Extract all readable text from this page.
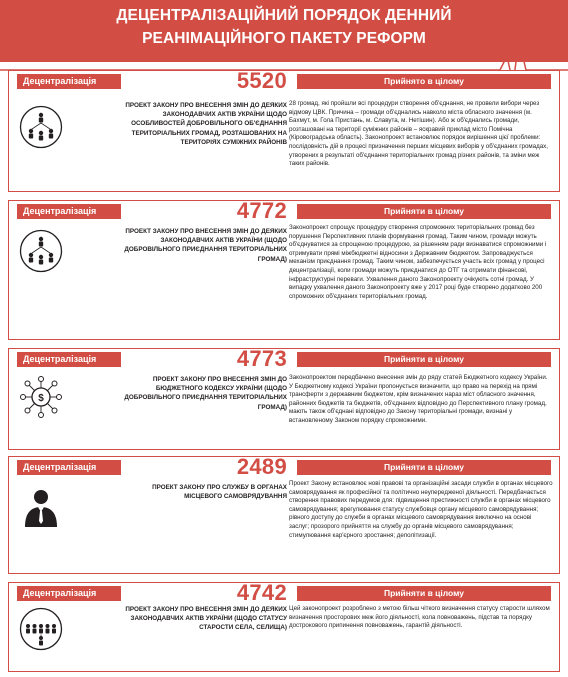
ДЕЦЕНТРАЛІЗАЦІЙНИЙ ПОРЯДОК ДЕННИЙ
РЕАНІМАЦІЙНОГО ПАКЕТУ РЕФОРМ
Децентралізація	5520	Прийнято в цілому
ПРОЕКТ ЗАКОНУ ПРО ВНЕСЕННЯ ЗМІН ДО ДЕЯКИХ ЗАКОНОДАВЧИХ АКТІВ УКРАЇНИ ЩОДО ОСОБЛИВОСТЕЙ ДОБРОВІЛЬНОГО ОБ'ЄДНАННЯ ТЕРИТОРІАЛЬНИХ ГРОМАД, РОЗТАШОВАНИХ НА ТЕРИТОРІЯХ СУМІЖНИХ РАЙОНІВ
28 громад, які пройшли всі процедури створення об'єднання, не провели вибори через відмову ЦВК. Причина – громади об'єднались навколо міста обласного значення (м. Бахмут, м. Гола Пристань, м. Славута, м. Нетішин). Або ж об'єднались громади, розташовані на території суміжних районів – яскравий приклад місто Помічна (Кіровоградська область). Законопроект встановлює порядок вирішення цієї проблеми: послідовність дій в процесі призначення перших місцевих виборів у об'єднаних громадах, утворених в результаті об'єднання територіальних громад різних районів, та зміни меж таких районів.
Децентралізація	4772	Прийняти в цілому
ПРОЕКТ ЗАКОНУ ПРО ВНЕСЕННЯ ЗМІН ДО ДЕЯКИХ ЗАКОНОДАВЧИХ АКТІВ УКРАЇНИ (ЩОДО ДОБРОВІЛЬНОГО ПРИЄДНАННЯ ТЕРИТОРІАЛЬНИХ ГРОМАД)
Законопроект спрощує процедуру створення спроможних територіальних громад без порушення Перспективних планів формування громад. Таким чином, громади можуть об'єднуватися за спрощеною процедурою, за рішенням ради визнаватися спроможними і отримувати прямі міжбюджетні відносини з Державним бюджетом. Запроваджується механізм приєднання громад. Таким чином, забезпечується участь всіх громад у процесі децентралізації, коли громади можуть приєднатися до ОТГ та отримати фінансові, інфраструктурні переваги. Ухвалення даного Законопроекту очікують сотні громад. У випадку ухвалення даного Законопроекту вже у 2017 році буде створено додатково 200 спроможних об'єднаних територіальних громад.
Децентралізація	4773	Прийняти в цілому
$
ПРОЕКТ ЗАКОНУ ПРО ВНЕСЕННЯ ЗМІН ДО БЮДЖЕТНОГО КОДЕКСУ УКРАЇНИ (ЩОДО ДОБРОВІЛЬНОГО ПРИЄДНАННЯ ТЕРИТОРІАЛЬНИХ ГРОМАД)
Законопроектом передбачено внесення змін до ряду статей Бюджетного кодексу України. У Бюджетному кодексі України пропонується визначити, що право на перехід на прямі трансферти з державним бюджетом, крім визначених нараз міст обласного значення, районних бюджетів та бюджетів, об'єднаних відповідно до Перспективного плану громад, мають також об'єднані відповідно до Закону територіальні громади, визнані у встановленому Законом порядку спроможними.
Децентралізація	2489	Прийняти в цілому
ПРОЕКТ ЗАКОНУ ПРО СЛУЖБУ В ОРГАНАХ МІСЦЕВОГО САМОВРЯДУВАННЯ
Проект Закону встановлює нові правові та організаційні засади служби в органах місцевого самоврядування як професійної та політично неупередженої діяльності. Передбачається створення правових передумов для: підвищення престижності служби в органах місцевого самоврядування; врегулювання статусу службовця органу місцевого самоврядування; рівного доступу до служби в органах місцевого самоврядування виключно на основі заслуг; прозорого прийняття на службу до органів місцевого самоврядування; стимулювання кар'єрного зростання; деполітизації.
Децентралізація	4742	Прийняти в цілому
ПРОЕКТ ЗАКОНУ ПРО ВНЕСЕННЯ ЗМІН ДО ДЕЯКИХ ЗАКОНОДАВЧИХ АКТІВ УКРАЇНИ (ЩОДО СТАТУСУ СТАРОСТИ СЕЛА, СЕЛИЩА)
Цей законопроект розроблено з метою більш чіткого визначення статусу старости шляхом визначення просторових меж його діяльності, кола повноважень, підстав та порядку дострокового припинення повноважень, гарантій діяльності.
